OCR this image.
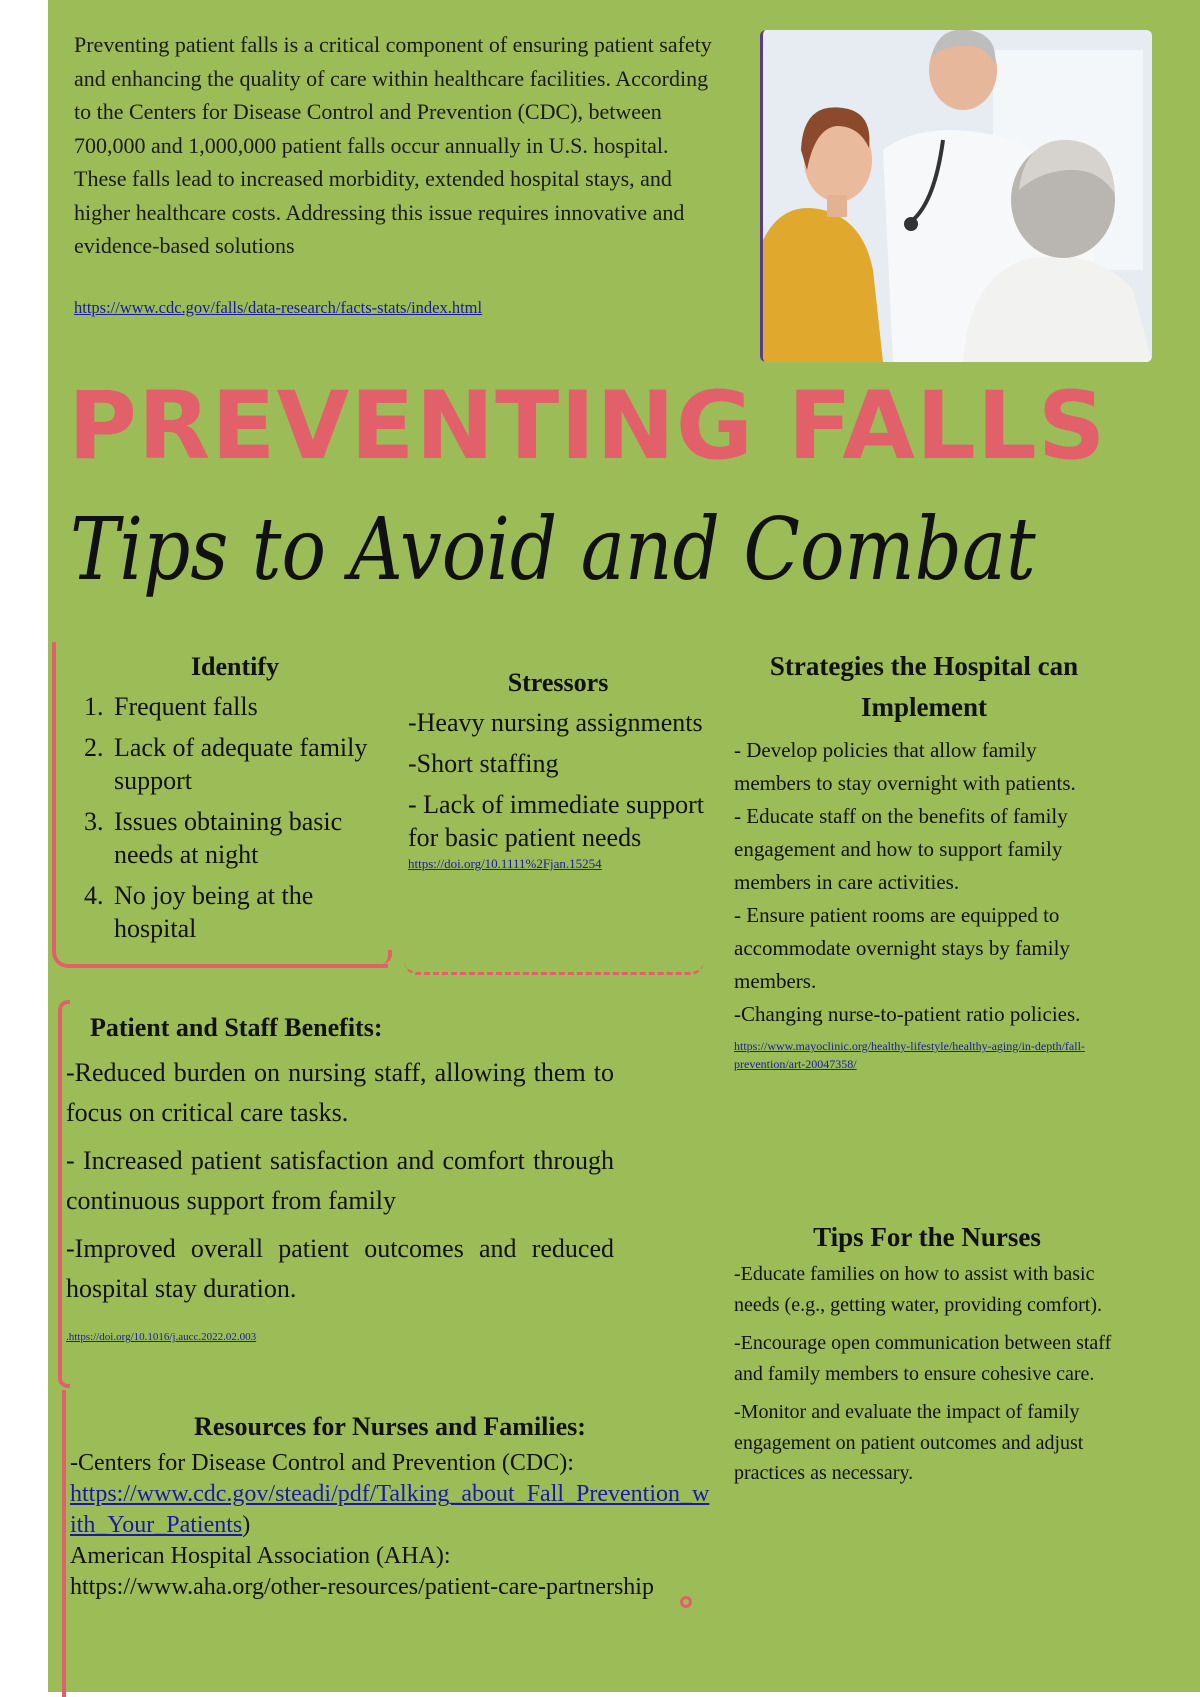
Preventing patient falls is a critical component of ensuring patient safety and enhancing the quality of care within healthcare facilities. According to the Centers for Disease Control and Prevention (CDC), between 700,000 and 1,000,000 patient falls occur annually in U.S. hospital. These falls lead to increased morbidity, extended hospital stays, and higher healthcare costs. Addressing this issue requires innovative and evidence-based solutions
https://www.cdc.gov/falls/data-research/facts-stats/index.html
PREVENTING FALLS
Tips to Avoid and Combat
Identify
1. Frequent falls
2. Lack of adequate family support
3. Issues obtaining basic needs at night
4. No joy being at the hospital
Stressors
-Heavy nursing assignments
-Short staffing
- Lack of immediate support for basic patient needs
https://doi.org/10.1111%2Fjan.15254
Strategies the Hospital can Implement
- Develop policies that allow family members to stay overnight with patients.
- Educate staff on the benefits of family engagement and how to support family members in care activities.
- Ensure patient rooms are equipped to accommodate overnight stays by family members.
-Changing nurse-to-patient ratio policies.
https://www.mayoclinic.org/healthy-lifestyle/healthy-aging/in-depth/fall-prevention/art-20047358/
Patient and Staff Benefits:
-Reduced burden on nursing staff, allowing them to focus on critical care tasks.
- Increased patient satisfaction and comfort through continuous support from family
-Improved overall patient outcomes and reduced hospital stay duration.
.https://doi.org/10.1016/j.aucc.2022.02.003
Tips For the Nurses
-Educate families on how to assist with basic needs (e.g., getting water, providing comfort).
-Encourage open communication between staff and family members to ensure cohesive care.
-Monitor and evaluate the impact of family engagement on patient outcomes and adjust practices as necessary.
Resources for Nurses and Families:
-Centers for Disease Control and Prevention (CDC):
https://www.cdc.gov/steadi/pdf/Talking_about_Fall_Prevention_with_Your_Patients)
American Hospital Association (AHA):
https://www.aha.org/other-resources/patient-care-partnership
